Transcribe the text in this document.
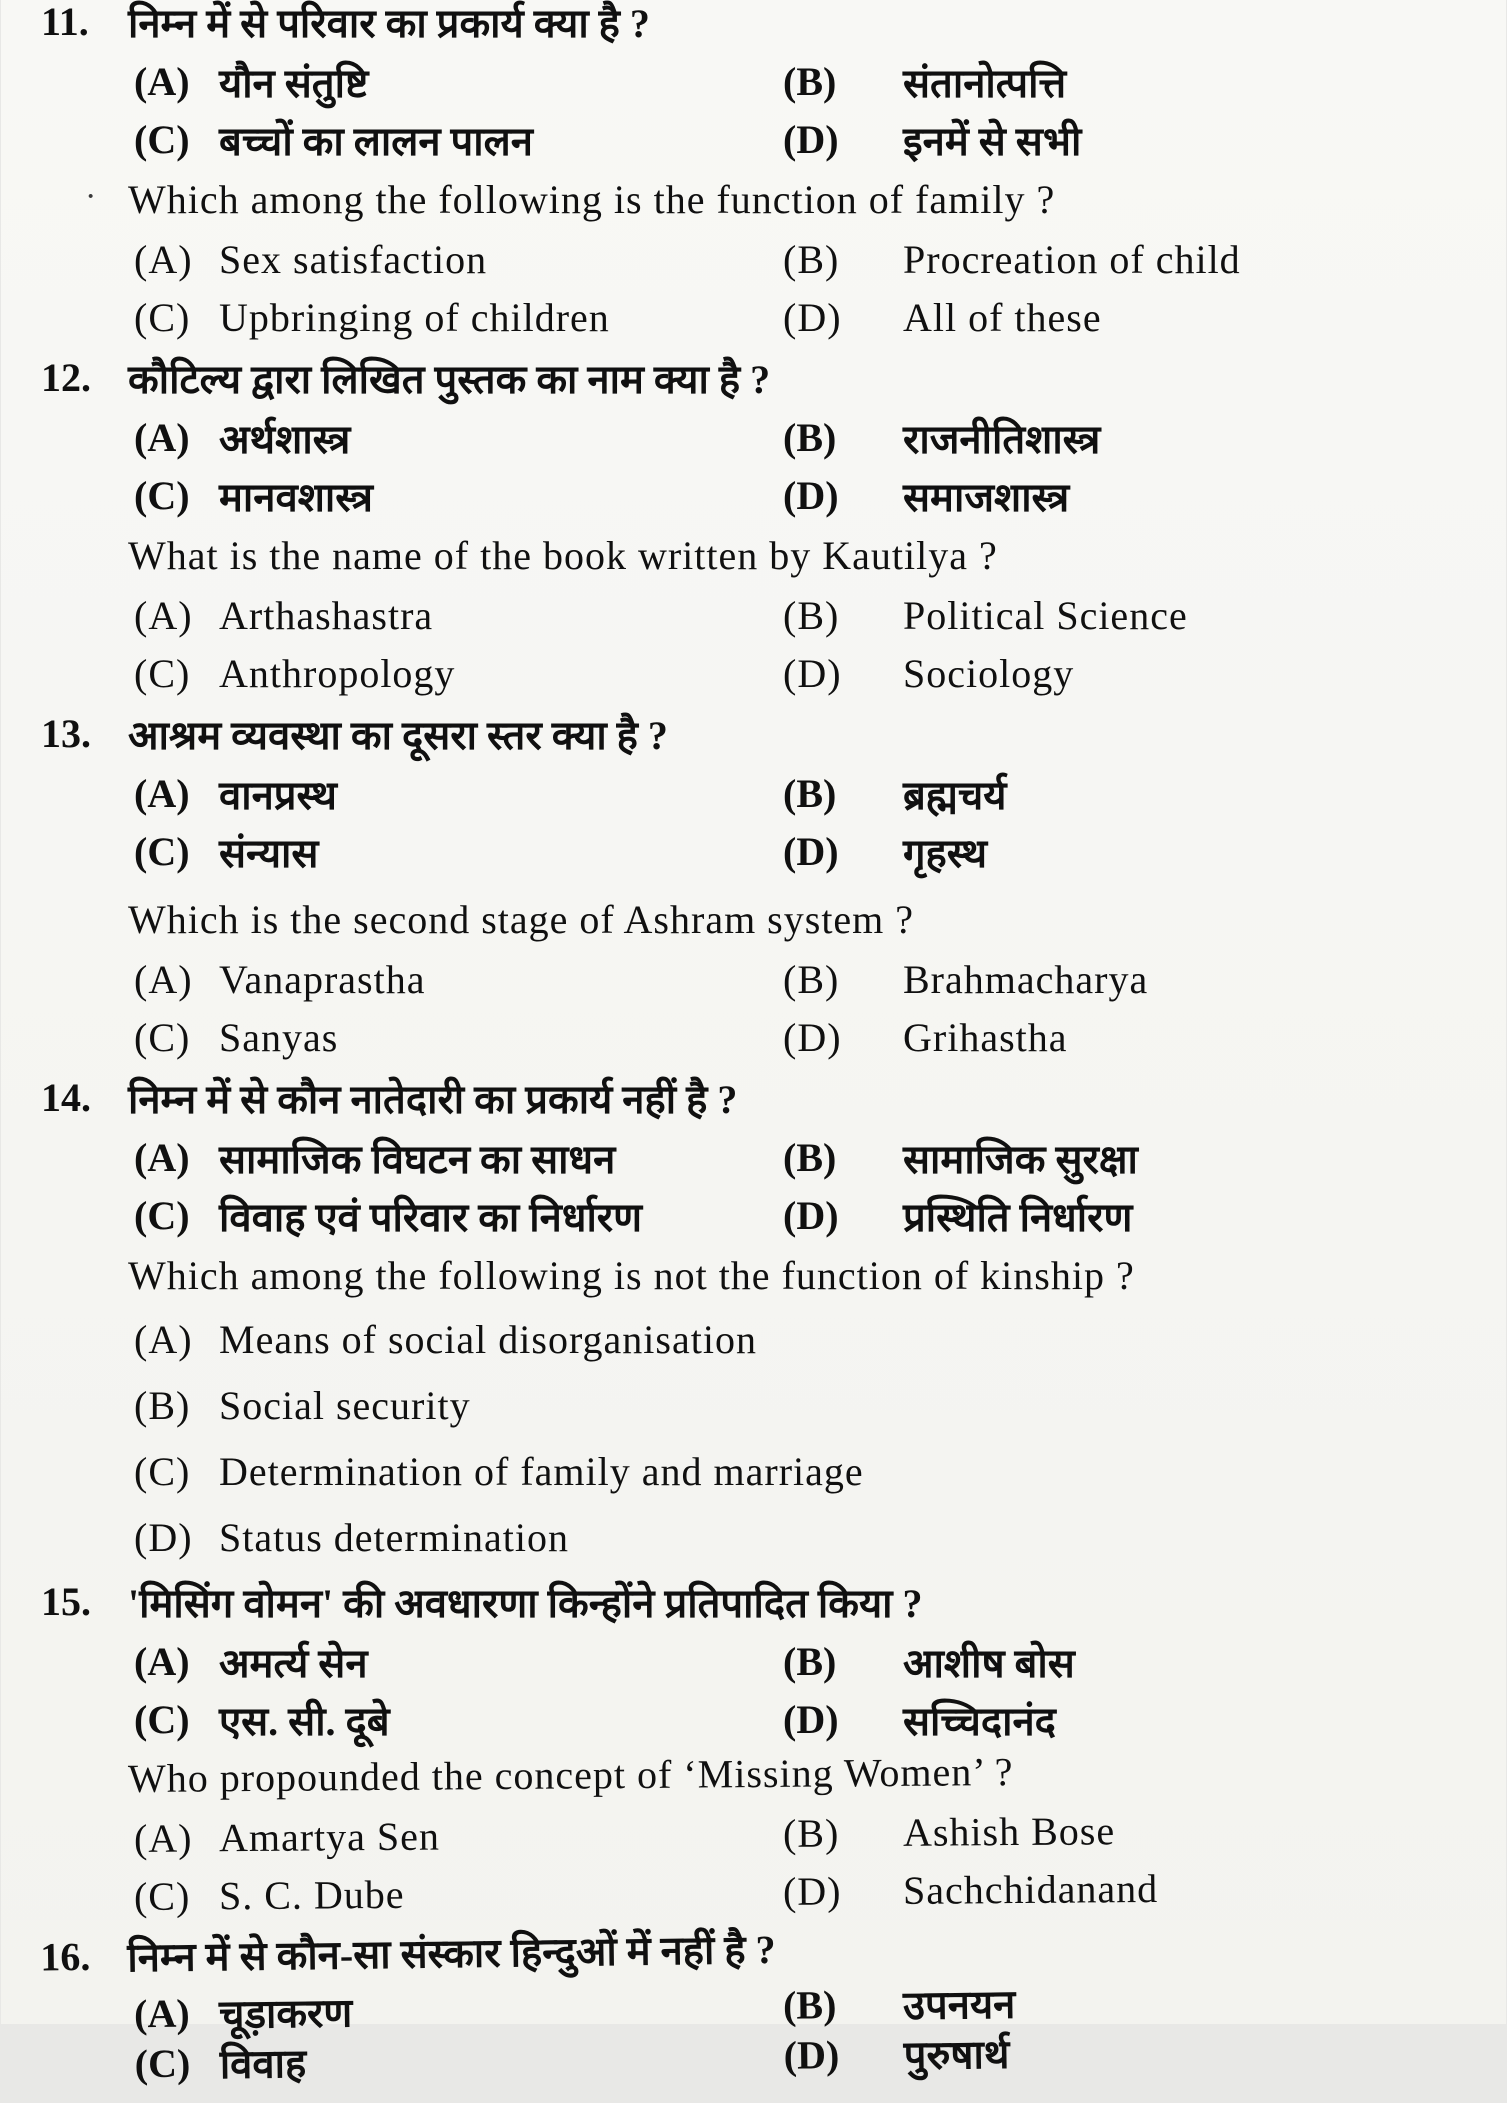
·
11. निम्न में से परिवार का प्रकार्य क्या है ?
(A) यौन संतुष्टि	(B)	संतानोत्पत्ति
(C) बच्चों का लालन पालन	(D)	इनमें से सभी
Which among the following is the function of family ?
(A) Sex satisfaction	(B)	Procreation of child
(C) Upbringing of children	(D)	All of these
12. कौटिल्य द्वारा लिखित पुस्तक का नाम क्या है ?
(A) अर्थशास्त्र	(B)	राजनीतिशास्त्र
(C) मानवशास्त्र	(D)	समाजशास्त्र
What is the name of the book written by Kautilya ?
(A) Arthashastra	(B)	Political Science
(C) Anthropology	(D)	Sociology
13. आश्रम व्यवस्था का दूसरा स्तर क्या है ?
(A) वानप्रस्थ	(B)	ब्रह्मचर्य
(C) संन्यास	(D)	गृहस्थ
Which is the second stage of Ashram system ?
(A) Vanaprastha	(B)	Brahmacharya
(C) Sanyas	(D)	Grihastha
14. निम्न में से कौन नातेदारी का प्रकार्य नहीं है ?
(A) सामाजिक विघटन का साधन	(B)	सामाजिक सुरक्षा
(C) विवाह एवं परिवार का निर्धारण	(D)	प्रस्थिति निर्धारण
Which among the following is not the function of kinship ?
(A) Means of social disorganisation
(B) Social security
(C) Determination of family and marriage
(D) Status determination
15. 'मिसिंग वोमन' की अवधारणा किन्होंने प्रतिपादित किया ?
(A) अमर्त्य सेन	(B)	आशीष बोस
(C) एस. सी. दूबे	(D)	सच्चिदानंद
Who propounded the concept of ‘Missing Women’ ?
(A) Amartya Sen	(B)	Ashish Bose
(C) S. C. Dube	(D)	Sachchidanand
16. निम्न में से कौन-सा संस्कार हिन्दुओं में नहीं है ?
(A) चूड़ाकरण	(B)	उपनयन
(C) विवाह	(D)	पुरुषार्थ
